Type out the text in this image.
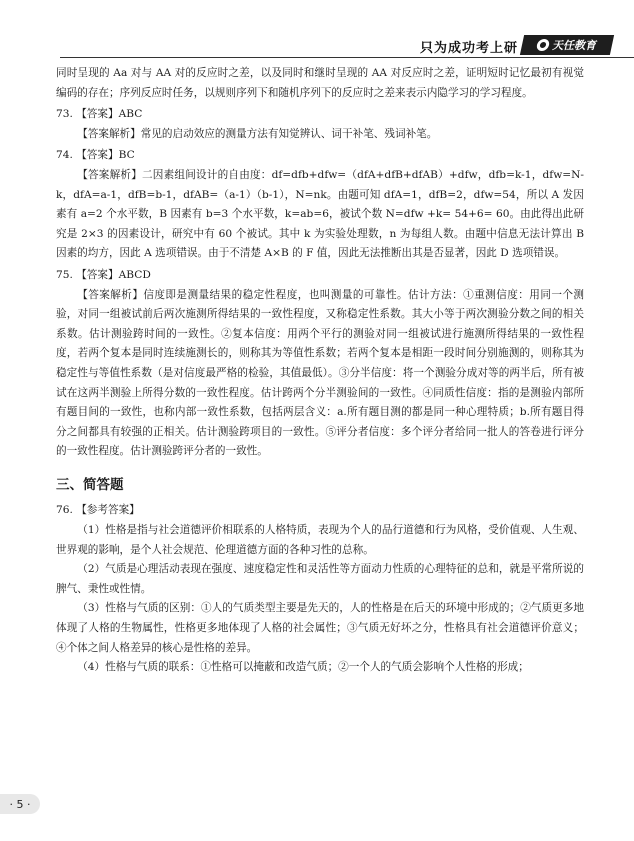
只为成功考上研	天任教育

同时呈现的 Aa 对与 AA 对的反应时之差，以及同时和继时呈现的 AA 对反应时之差，证明短时记忆最初有视觉编码的存在；序列反应时任务，以规则序列下和随机序列下的反应时之差来表示内隐学习的学习程度。

73. 【答案】ABC

【答案解析】常见的启动效应的测量方法有知觉辨认、词干补笔、残词补笔。

74. 【答案】BC

【答案解析】二因素组间设计的自由度：df=dfb+dfw=（dfA+dfB+dfAB）+dfw，dfb=k-1，dfw=N-k，dfA=a-1，dfB=b-1，dfAB=（a-1）（b-1），N=nk。由题可知 dfA=1，dfB=2，dfw=54，所以 A 发因素有 a=2 个水平数，B 因素有 b=3 个水平数，k=ab=6，被试个数 N=dfw +k= 54+6= 60。由此得出此研究是 2×3 的因素设计，研究中有 60 个被试。其中 k 为实验处理数，n 为每组人数。由题中信息无法计算出 B 因素的均方，因此 A 选项错误。由于不清楚 A×B 的 F 值，因此无法推断出其是否显著，因此 D 选项错误。

75. 【答案】ABCD

【答案解析】信度即是测量结果的稳定性程度，也叫测量的可靠性。估计方法：①重测信度：用同一个测验，对同一组被试前后两次施测所得结果的一致性程度，又称稳定性系数。其大小等于两次测验分数之间的相关系数。估计测验跨时间的一致性。②复本信度：用两个平行的测验对同一组被试进行施测所得结果的一致性程度，若两个复本是同时连续施测长的，则称其为等值性系数；若两个复本是相距一段时间分别施测的，则称其为稳定性与等值性系数（是对信度最严格的检验，其值最低）。③分半信度：将一个测验分成对等的两半后，所有被试在这两半测验上所得分数的一致性程度。估计跨两个分半测验间的一致性。④同质性信度：指的是测验内部所有题目间的一致性，也称内部一致性系数，包括两层含义：a.所有题目测的都是同一种心理特质；b.所有题目得分之间都具有较强的正相关。估计测验跨项目的一致性。⑤评分者信度：多个评分者给同一批人的答卷进行评分的一致性程度。估计测验跨评分者的一致性。

三、简答题

76. 【参考答案】

（1）性格是指与社会道德评价相联系的人格特质，表现为个人的品行道德和行为风格，受价值观、人生观、世界观的影响，是个人社会规范、伦理道德方面的各种习性的总称。

（2）气质是心理活动表现在强度、速度稳定性和灵活性等方面动力性质的心理特征的总和，就是平常所说的脾气、秉性或性情。

（3）性格与气质的区别：①人的气质类型主要是先天的，人的性格是在后天的环境中形成的；②气质更多地体现了人格的生物属性，性格更多地体现了人格的社会属性；③气质无好坏之分，性格具有社会道德评价意义；④个体之间人格差异的核心是性格的差异。

（4）性格与气质的联系：①性格可以掩蔽和改造气质；②一个人的气质会影响个人性格的形成；

· 5 ·
